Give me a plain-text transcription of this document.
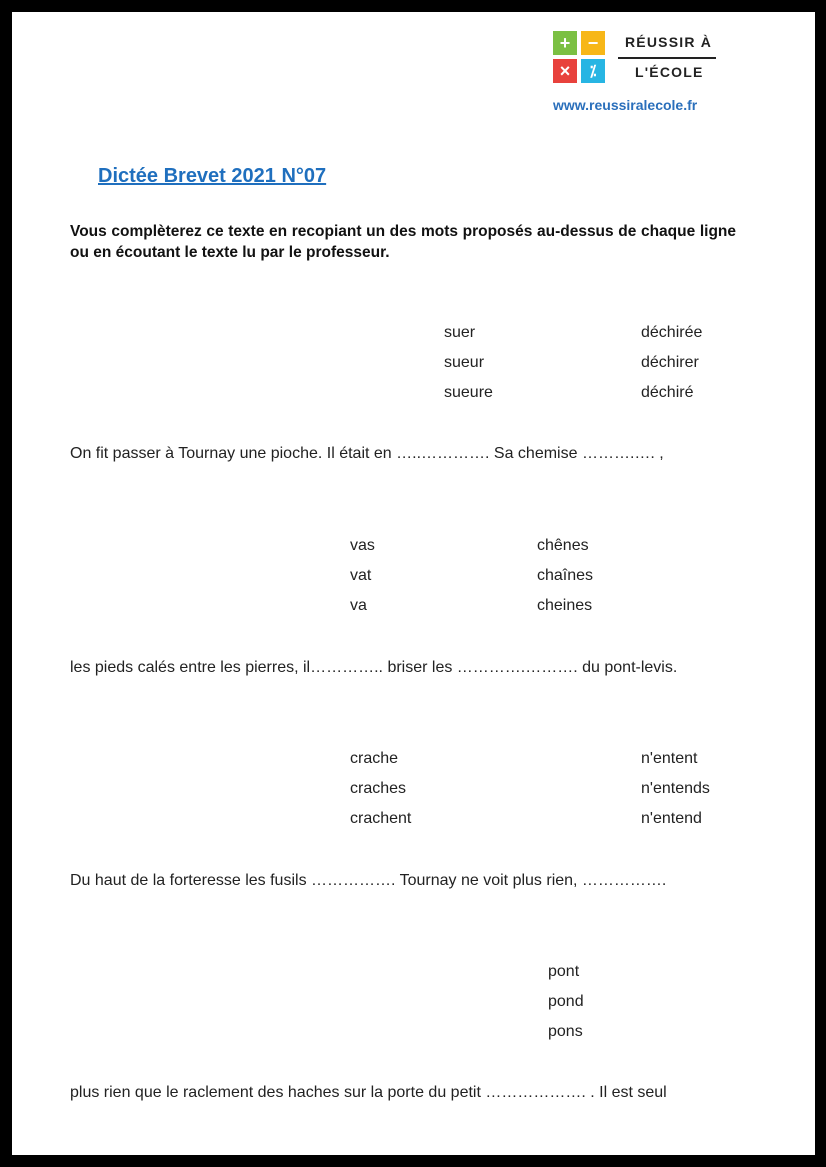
+ −
×	⁒
RÉUSSIR À
L'ÉCOLE
www.reussiralecole.fr
Dictée Brevet 2021 N°07
Vous complèterez ce texte en recopiant un des mots proposés au-dessus de chaque ligne ou en écoutant le texte lu par le professeur.
suer
sueur
sueure
déchirée
déchirer
déchiré
On fit passer à Tournay une pioche. Il était en …..…………. Sa chemise ……….…. ,
vas
vat
va
chênes
chaînes
cheines
les pieds calés entre les pierres, il………….. briser les ………….………. du pont-levis.
crache
craches
crachent
n'entent
n'entends
n'entend
Du haut de la forteresse les fusils ……………. Tournay ne voit plus rien, …………….
pont
pond
pons
plus rien que le raclement des haches sur la porte du petit ………………. . Il est seul
